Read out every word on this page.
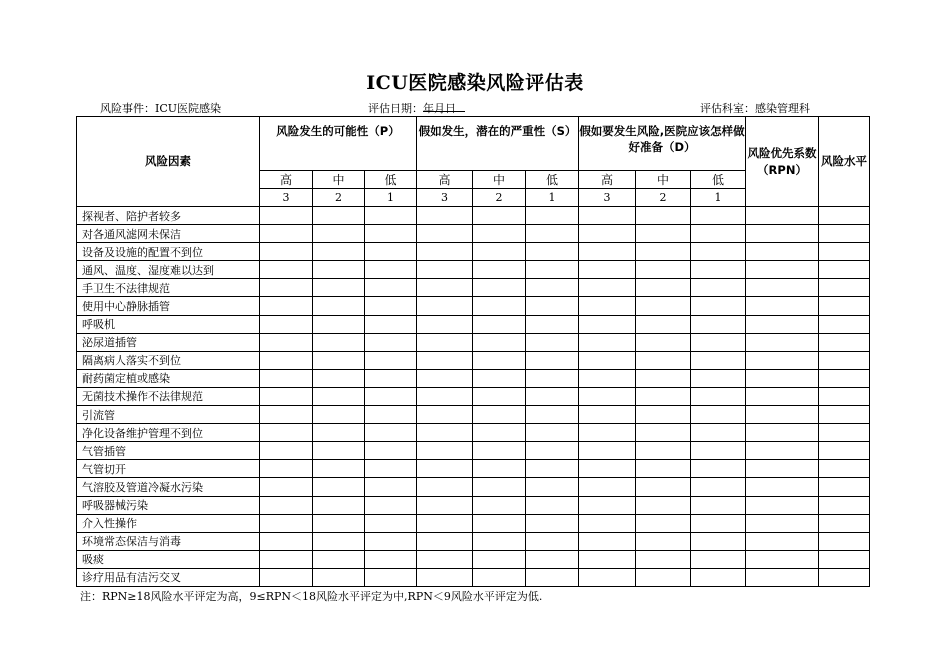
ICU医院感染风险评估表
风险事件：ICU医院感染	评估日期：
年
月
日	评估科室：感染管理科
风险因素	风险发生的可能性（P）			假如发生，潜在的严重性（S）			假如要发生风险,医院应该怎样做好准备（D）			风险优先系数（RPN）	风险水平
	高	中	低	高	中	低	高	中	低		
	3	2	1	3	2	1	3	2	1		
探视者、陪护者较多											
对各通风滤网未保洁											
设备及设施的配置不到位											
通风、温度、湿度难以达到											
手卫生不法律规范											
使用中心静脉插管											
呼吸机											
泌尿道插管											
隔离病人落实不到位											
耐药菌定植或感染											
无菌技术操作不法律规范											
引流管											
净化设备维护管理不到位											
气管插管											
气管切开											
气溶胶及管道冷凝水污染											
呼吸器械污染											
介入性操作											
环境常态保洁与消毒											
吸痰											
诊疗用品有洁污交叉											
注：RPN≥18风险水平评定为高，9≤RPN＜18风险水平评定为中,RPN＜9风险水平评定为低.
